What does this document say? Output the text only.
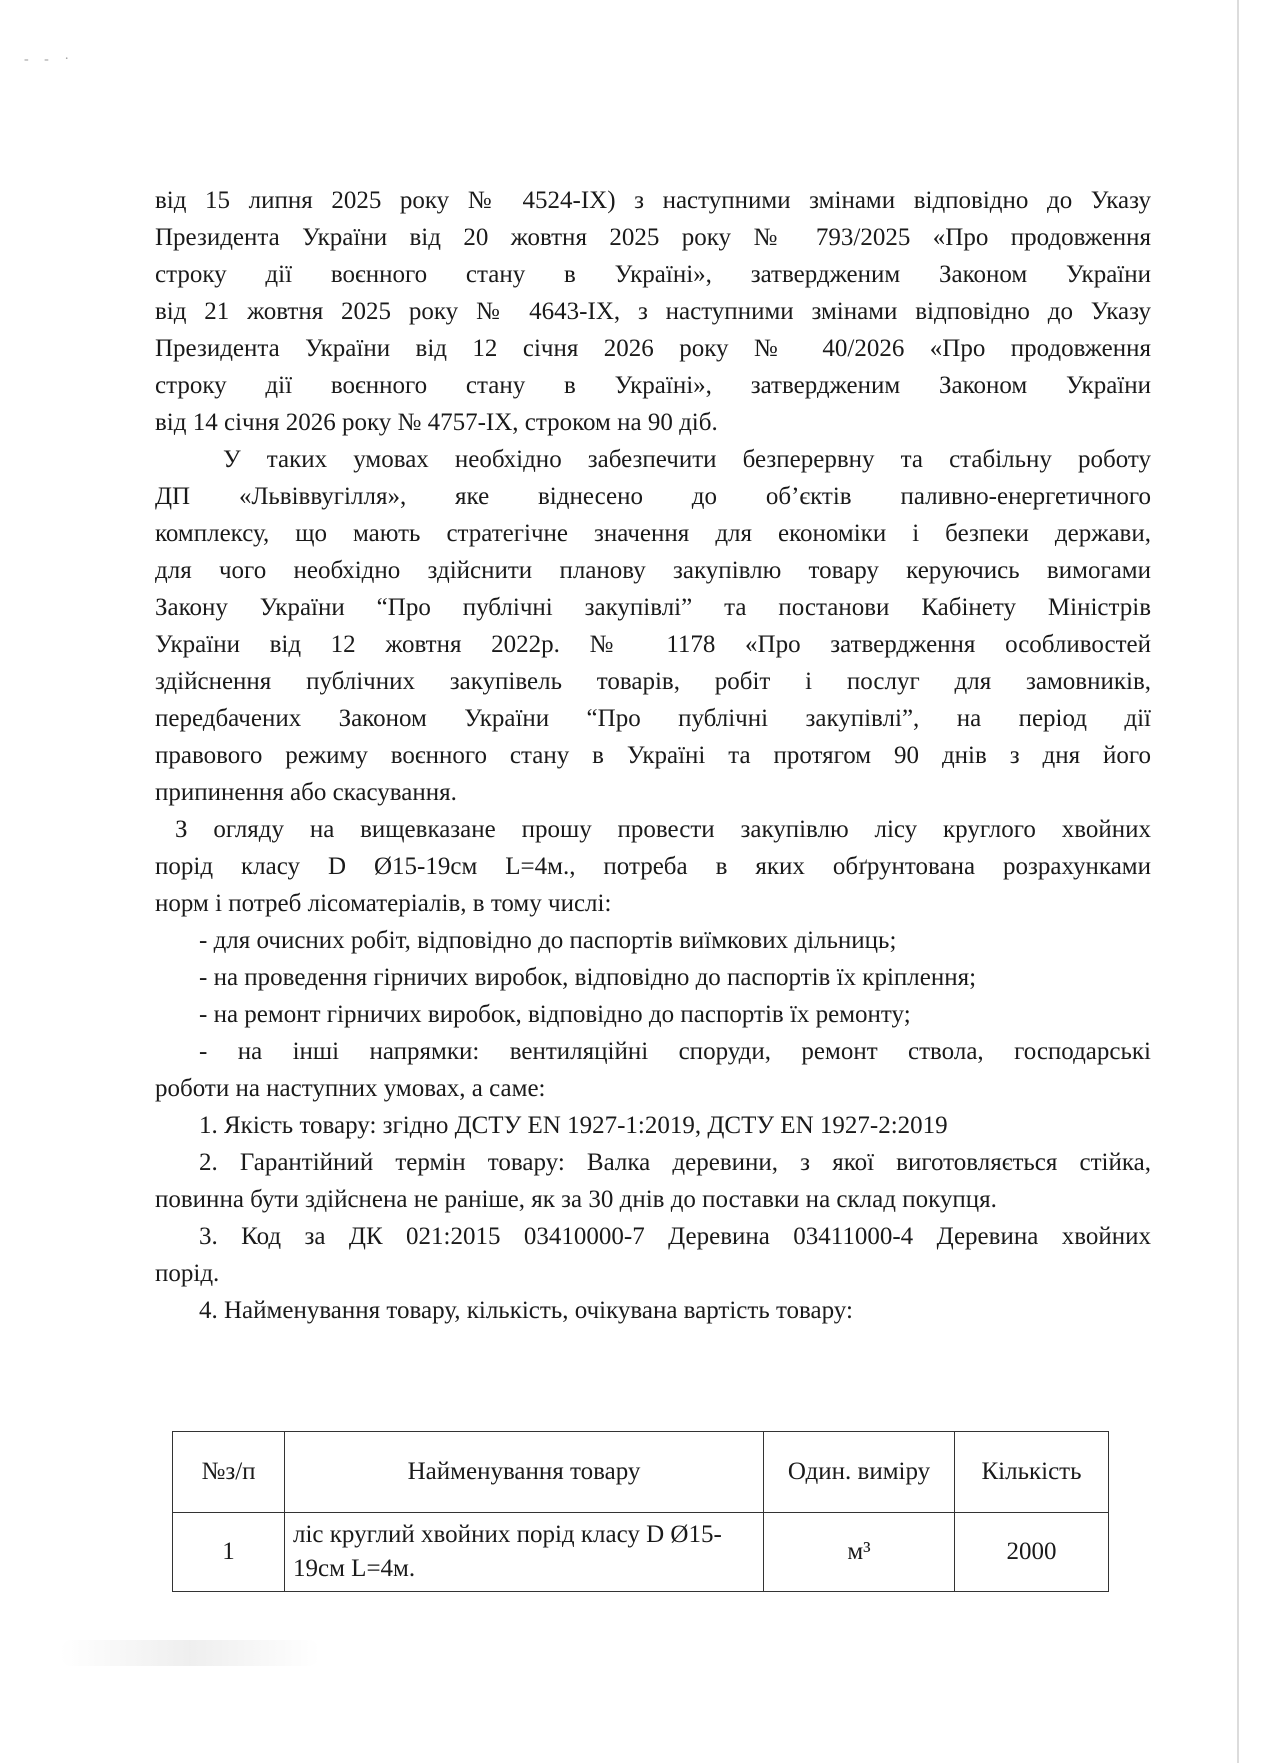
- - ·

від 15 липня 2025 року № 4524-IX) з наступними змінами відповідно до Указу
Президента України від 20 жовтня 2025 року № 793/2025 «Про продовження
строку дії воєнного стану в Україні», затвердженим Законом України
від 21 жовтня 2025 року № 4643-IX, з наступними змінами відповідно до Указу
Президента України від 12 січня 2026 року № 40/2026 «Про продовження
строку дії воєнного стану в Україні», затвердженим Законом України
від 14 січня 2026 року № 4757-IX, строком на 90 діб.

У таких умовах необхідно забезпечити безперервну та стабільну роботу
ДП «Львіввугілля», яке віднесено до об’єктів паливно-енергетичного
комплексу, що мають стратегічне значення для економіки і безпеки держави,
для чого необхідно здійснити планову закупівлю товару керуючись вимогами
Закону України “Про публічні закупівлі” та постанови Кабінету Міністрів
України від 12 жовтня 2022р. № 1178 «Про затвердження особливостей
здійснення публічних закупівель товарів, робіт і послуг для замовників,
передбачених Законом України “Про публічні закупівлі”, на період дії
правового режиму воєнного стану в Україні та протягом 90 днів з дня його
припинення або скасування.

З огляду на вищевказане прошу провести закупівлю лісу круглого хвойних
порід класу D Ø15-19см L=4м., потреба в яких обґрунтована розрахунками
норм і потреб лісоматеріалів, в тому числі:

- для очисних робіт, відповідно до паспортів виїмкових дільниць;
- на проведення гірничих виробок, відповідно до паспортів їх кріплення;
- на ремонт гірничих виробок, відповідно до паспортів їх ремонту;
- на інші напрямки: вентиляційні споруди, ремонт ствола, господарські
роботи на наступних умовах, а саме:

1. Якість товару: згідно ДСТУ EN 1927-1:2019, ДСТУ EN 1927-2:2019

2. Гарантійний термін товару: Валка деревини, з якої виготовляється стійка,
повинна бути здійснена не раніше, як за 30 днів до поставки на склад покупця.

3. Код за ДК 021:2015 03410000-7 Деревина 03411000-4 Деревина хвойних
порід.

4. Найменування товару, кількість, очікувана вартість товару:

№з/п	Найменування товару	Один. виміру	Кількість
1	ліс круглий хвойних порід класу D Ø15-19см L=4м.	м³	2000
